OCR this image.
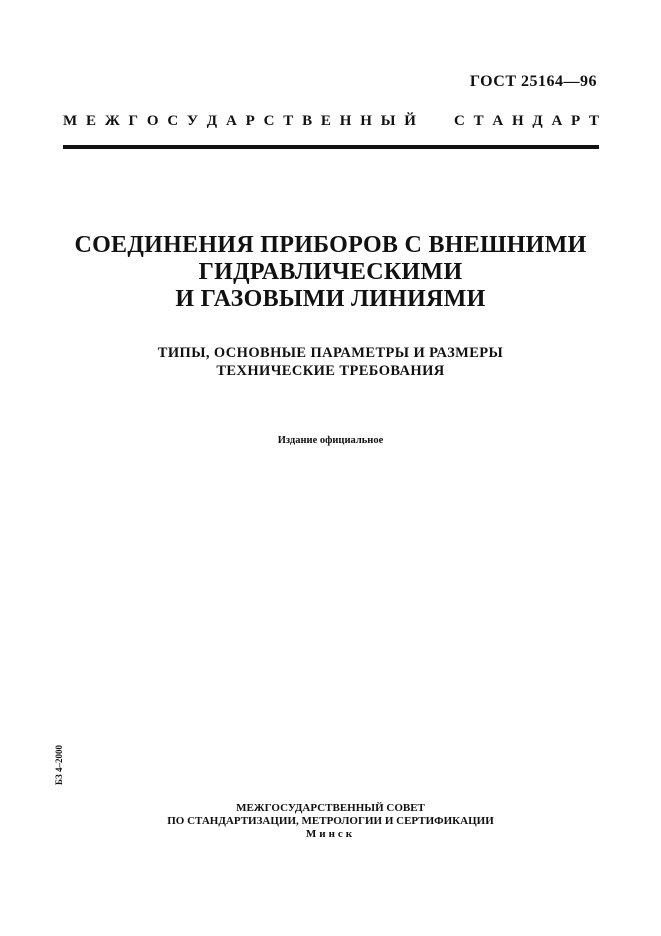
ГОСТ 25164—96
М Е Ж Г О С У Д А Р С Т В Е Н Н Ы Й	С Т А Н Д А Р Т
СОЕДИНЕНИЯ ПРИБОРОВ С ВНЕШНИМИ
ГИДРАВЛИЧЕСКИМИ
И ГАЗОВЫМИ ЛИНИЯМИ
ТИПЫ, ОСНОВНЫЕ ПАРАМЕТРЫ И РАЗМЕРЫ
ТЕХНИЧЕСКИЕ ТРЕБОВАНИЯ
Издание официальное
БЗ 4–2000
МЕЖГОСУДАРСТВЕННЫЙ СОВЕТ
ПО СТАНДАРТИЗАЦИИ, МЕТРОЛОГИИ И СЕРТИФИКАЦИИ
Минск
